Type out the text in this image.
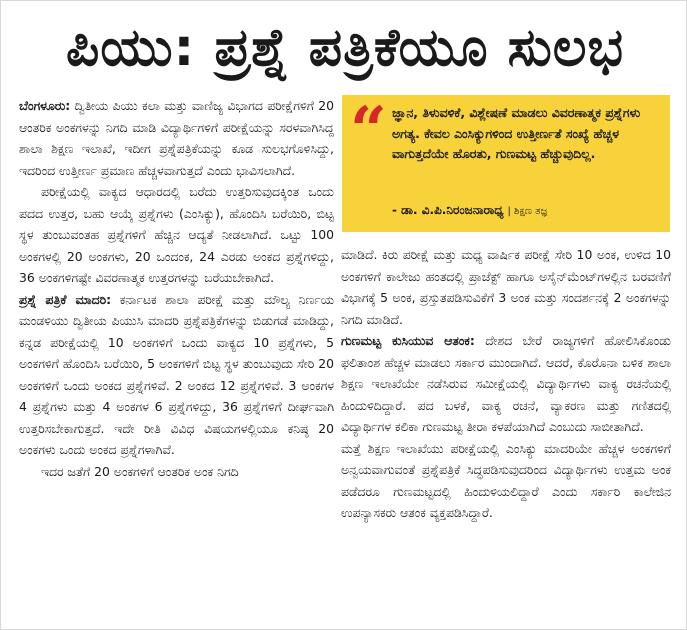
ಪಿಯು: ಪ್ರಶ್ನೆ ಪತ್ರಿಕೆಯೂ ಸುಲಭ

ಬೆಂಗಳೂರು: ದ್ವಿತೀಯ ಪಿಯು ಕಲಾ ಮತ್ತು ವಾಣಿಜ್ಯ ವಿಭಾಗದ ಪರೀಕ್ಷೆಗಳಿಗೆ 20 ಆಂತರಿಕ ಅಂಕಗಳನ್ನು ನಿಗದಿ ಮಾಡಿ ವಿದ್ಯಾರ್ಥಿಗಳಿಗೆ ಪರೀಕ್ಷೆಯನ್ನು ಸರಳವಾಗಿಸಿದ್ದ ಶಾಲಾ ಶಿಕ್ಷಣ ಇಲಾಖೆ, ಇದೀಗ ಪ್ರಶ್ನೆಪತ್ರಿಕೆಯನ್ನು ಕೂಡ ಸುಲಭಗೊಳಿಸಿದ್ದು, ಇದರಿಂದ ಉತ್ತೀರ್ಣ ಪ್ರಮಾಣ ಹೆಚ್ಚಳವಾಗುತ್ತದೆ ಎಂದು ಭಾವಿಸಲಾಗಿದೆ.

ಪರೀಕ್ಷೆಯಲ್ಲಿ ವಾಕ್ಯದ ಆಧಾರದಲ್ಲಿ ಬರೆದು ಉತ್ತರಿಸುವುದಕ್ಕಿಂತ ಒಂದು ಪದದ ಉತ್ತರ, ಬಹು ಆಯ್ಕೆ ಪ್ರಶ್ನೆಗಳು (ಎಂಸಿಕ್ಯು), ಹೊಂದಿಸಿ ಬರೆಯಿರಿ, ಬಿಟ್ಟ ಸ್ಥಳ ತುಂಬುವಂತಹ ಪ್ರಶ್ನೆಗಳಿಗೆ ಹೆಚ್ಚಿನ ಆದ್ಯತೆ ನೀಡಲಾಗಿದೆ. ಒಟ್ಟು 100 ಅಂಕಗಳಲ್ಲಿ 20 ಅಂಕಗಳು, 20 ಒಂದಂಕ, 24 ಎರಡು ಅಂಕದ ಪ್ರಶ್ನೆಗಳಿದ್ದು, 36 ಅಂಕಗಳಿಗಷ್ಟೇ ವಿವರಣಾತ್ಮಕ ಉತ್ತರಗಳನ್ನು ಬರೆಯಬೇಕಾಗಿದೆ.

ಪ್ರಶ್ನೆ ಪತ್ರಿಕೆ ಮಾದರಿ: ಕರ್ನಾಟಕ ಶಾಲಾ ಪರೀಕ್ಷೆ ಮತ್ತು ಮೌಲ್ಯ ನಿರ್ಣಯ ಮಂಡಳಿಯು ದ್ವಿತೀಯ ಪಿಯುಸಿ ಮಾದರಿ ಪ್ರಶ್ನೆಪತ್ರಿಕೆಗಳನ್ನು ಬಿಡುಗಡೆ ಮಾಡಿದ್ದು, ಕನ್ನಡ ಪರೀಕ್ಷೆಯಲ್ಲಿ 10 ಅಂಕಗಳಿಗೆ ಒಂದು ವಾಕ್ಯದ 10 ಪ್ರಶ್ನೆಗಳು, 5 ಅಂಕಗಳಿಗೆ ಹೊಂದಿಸಿ ಬರೆಯಿರಿ, 5 ಅಂಕಗಳಿಗೆ ಬಿಟ್ಟ ಸ್ಥಳ ತುಂಬುವುದು ಸೇರಿ 20 ಅಂಕಗಳಿಗೆ ಒಂದು ಅಂಕದ ಪ್ರಶ್ನೆಗಳಿವೆ. 2 ಅಂಕದ 12 ಪ್ರಶ್ನೆಗಳಿವೆ. 3 ಅಂಕಗಳ 4 ಪ್ರಶ್ನೆಗಳು ಮತ್ತು 4 ಅಂಕಗಳ 6 ಪ್ರಶ್ನೆಗಳಿದ್ದು, 36 ಪ್ರಶ್ನೆಗಳಿಗೆ ದೀರ್ಘವಾಗಿ ಉತ್ತರಿಸಬೇಕಾಗುತ್ತದೆ. ಇದೇ ರೀತಿ ವಿವಿಧ ವಿಷಯಗಳಲ್ಲಿಯೂ ಕನಿಷ್ಠ 20 ಅಂಕಗಳು ಒಂದು ಅಂಕದ ಪ್ರಶ್ನೆಗಳಾಗಿವೆ.

ಇದರ ಜತೆಗೆ 20 ಅಂಕಗಳಿಗೆ ಆಂತರಿಕ ಅಂಕ ನಿಗದಿ

“ ಜ್ಞಾನ, ತಿಳುವಳಿಕೆ, ವಿಶ್ಲೇಷಣೆ ಮಾಡಲು ವಿವರಣಾತ್ಮಕ ಪ್ರಶ್ನೆಗಳು ಅಗತ್ಯ. ಕೇವಲ ಎಂಸಿಕ್ಯುಗಳಿಂದ ಉತ್ತೀರ್ಣತೆ ಸಂಖ್ಯೆ ಹೆಚ್ಚಳ ವಾಗುತ್ತದೆಯೇ ಹೊರತು, ಗುಣಮಟ್ಟ ಹೆಚ್ಚುವುದಿಲ್ಲ.
- ಡಾ. ವಿ.ಪಿ.ನಿರಂಜನಾರಾಧ್ಯ | ಶಿಕ್ಷಣ ತಜ್ಞ

ಮಾಡಿದೆ. ಕಿರು ಪರೀಕ್ಷೆ ಮತ್ತು ಮಧ್ಯ ವಾರ್ಷಿಕ ಪರೀಕ್ಷೆ ಸೇರಿ 10 ಅಂಕ, ಉಳಿದ 10 ಅಂಕಗಳಿಗೆ ಕಾಲೇಜು ಹಂತದಲ್ಲಿ ಪ್ರಾಜೆಕ್ಟ್ ಹಾಗೂ ಅಸೈನ್‌ಮೆಂಟ್‌ಗಳಲ್ಲಿನ ಬರವಣಿಗೆ ವಿಭಾಗಕ್ಕೆ 5 ಅಂಕ, ಪ್ರಸ್ತುತಪಡಿಸುವಿಕೆಗೆ 3 ಅಂಕ ಮತ್ತು ಸಂದರ್ಶನಕ್ಕೆ 2 ಅಂಕಗಳನ್ನು ನಿಗದಿ ಮಾಡಿದೆ.

ಗುಣಮಟ್ಟ ಕುಸಿಯುವ ಆತಂಕ: ದೇಶದ ಬೇರೆ ರಾಜ್ಯಗಳಿಗೆ ಹೋಲಿಸಿಕೊಂಡು ಫಲಿತಾಂಶ ಹೆಚ್ಚಳ ಮಾಡಲು ಸರ್ಕಾರ ಮುಂದಾಗಿದೆ. ಆದರೆ, ಕೊರೊನಾ ಬಳಿಕ ಶಾಲಾ ಶಿಕ್ಷಣ ಇಲಾಖೆಯೇ ನಡೆಸಿರುವ ಸಮೀಕ್ಷೆಯಲ್ಲಿ ವಿದ್ಯಾರ್ಥಿಗಳು ವಾಕ್ಯ ರಚನೆಯಲ್ಲಿ ಹಿಂದುಳಿದಿದ್ದಾರೆ. ಪದ ಬಳಕೆ, ವಾಕ್ಯ ರಚನೆ, ವ್ಯಾಕರಣ ಮತ್ತು ಗಣಿತದಲ್ಲಿ ವಿದ್ಯಾರ್ಥಿಗಳ ಕಲಿಕಾ ಗುಣಮಟ್ಟ ತೀರಾ ಕಳಪೆಯಾಗಿದೆ ಎಂಬುದು ಸಾಬೀತಾಗಿದೆ.

ಮತ್ತೆ ಶಿಕ್ಷಣ ಇಲಾಖೆಯು ಪರೀಕ್ಷೆಯಲ್ಲಿ ಎಂಸಿಕ್ಯು ಮಾದರಿಯೇ ಹೆಚ್ಚಳ ಅಂಕಗಳಿಗೆ ಅನ್ವಯವಾಗುವಂತೆ ಪ್ರಶ್ನೆಪತ್ರಿಕೆ ಸಿದ್ಧಪಡಿಸುವುದರಿಂದ ವಿದ್ಯಾರ್ಥಿಗಳು ಉತ್ತಮ ಅಂಕ ಪಡೆದರೂ ಗುಣಮಟ್ಟದಲ್ಲಿ ಹಿಂದುಳಿಯಲಿದ್ದಾರೆ ಎಂದು ಸರ್ಕಾರಿ ಕಾಲೇಜಿನ ಉಪನ್ಯಾಸಕರು ಆತಂಕ ವ್ಯಕ್ತಪಡಿಸಿದ್ದಾರೆ.
